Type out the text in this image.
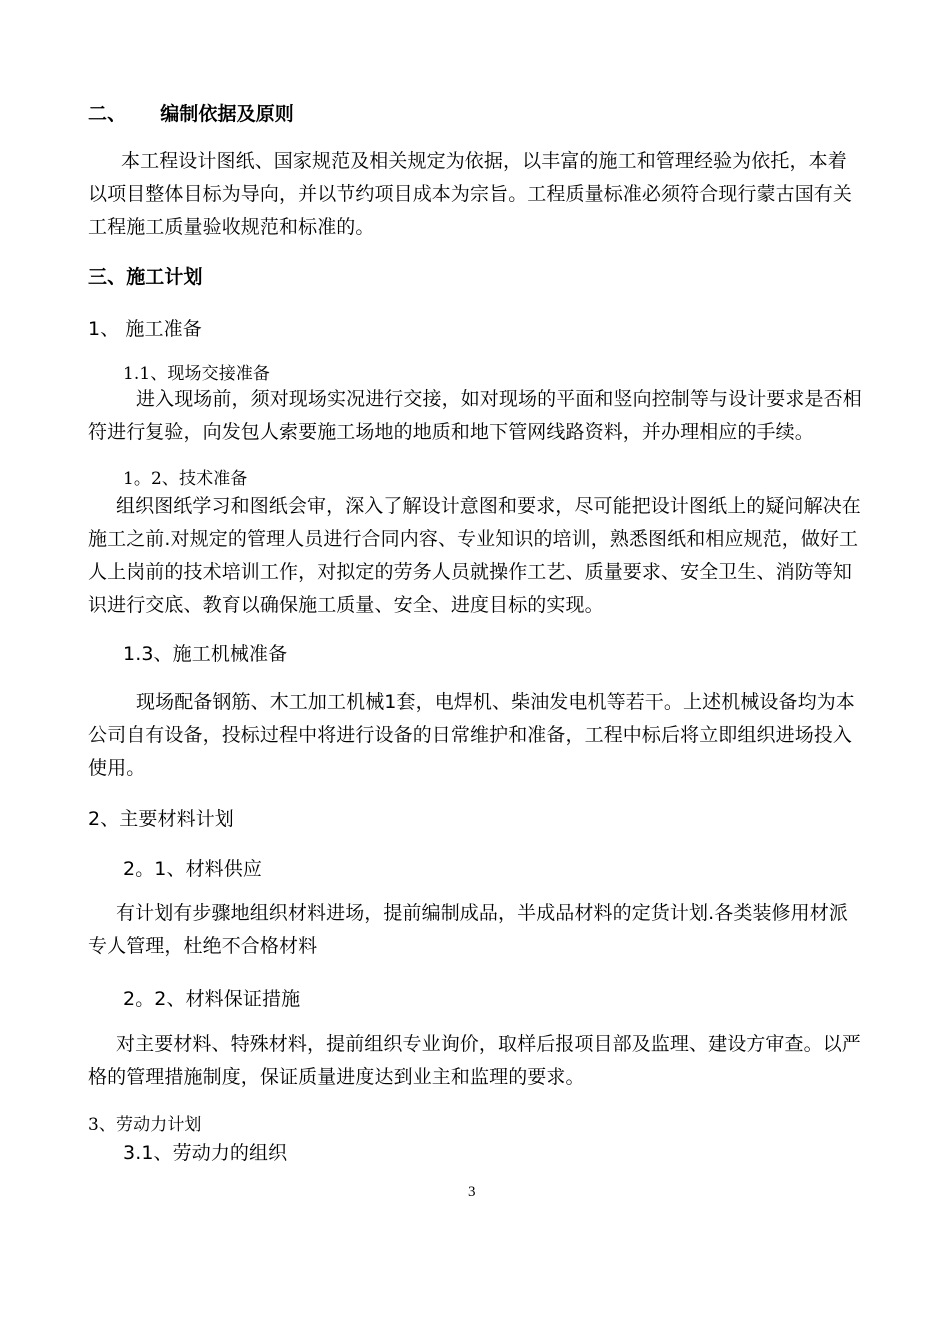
二、 编制依据及原则
本工程设计图纸、国家规范及相关规定为依据，以丰富的施工和管理经验为依托，本着
以项目整体目标为导向，并以节约项目成本为宗旨。工程质量标准必须符合现行蒙古国有关
工程施工质量验收规范和标准的。
三、施工计划
1、 施工准备
1.1、现场交接准备
进入现场前，须对现场实况进行交接，如对现场的平面和竖向控制等与设计要求是否相
符进行复验，向发包人索要施工场地的地质和地下管网线路资料，并办理相应的手续。
1。2、技术准备
组织图纸学习和图纸会审，深入了解设计意图和要求，尽可能把设计图纸上的疑问解决在
施工之前.对规定的管理人员进行合同内容、专业知识的培训，熟悉图纸和相应规范，做好工
人上岗前的技术培训工作，对拟定的劳务人员就操作工艺、质量要求、安全卫生、消防等知
识进行交底、教育以确保施工质量、安全、进度目标的实现。
1.3、施工机械准备
现场配备钢筋、木工加工机械1套，电焊机、柴油发电机等若干。上述机械设备均为本
公司自有设备，投标过程中将进行设备的日常维护和准备，工程中标后将立即组织进场投入
使用。
2、主要材料计划
2。1、材料供应
有计划有步骤地组织材料进场，提前编制成品，半成品材料的定货计划.各类装修用材派
专人管理，杜绝不合格材料
2。2、材料保证措施
对主要材料、特殊材料，提前组织专业询价，取样后报项目部及监理、建设方审查。以严
格的管理措施制度，保证质量进度达到业主和监理的要求。
3、劳动力计划
3.1、劳动力的组织
3
